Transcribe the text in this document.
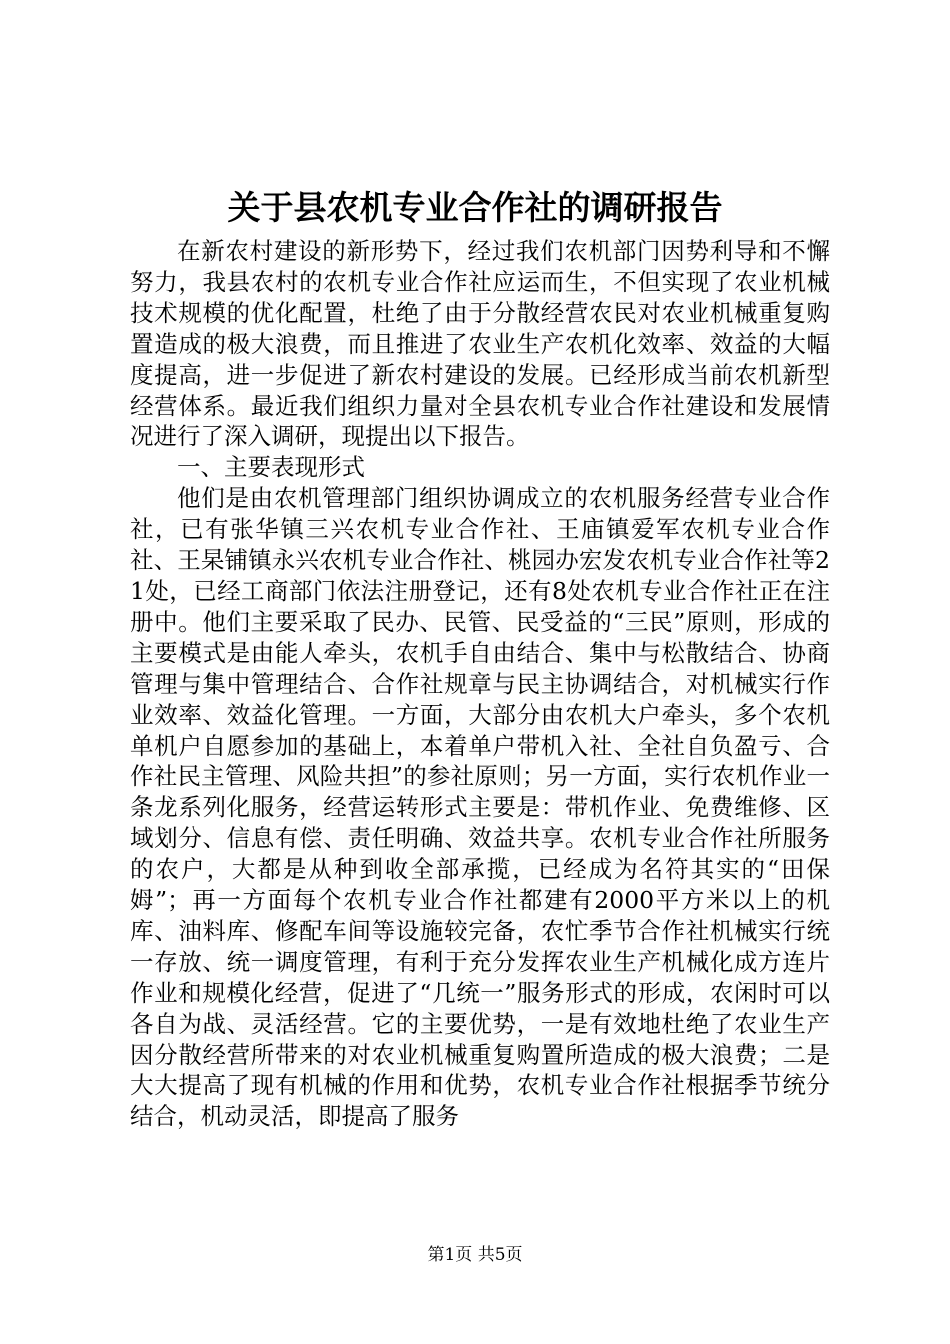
关于县农机专业合作社的调研报告

在新农村建设的新形势下，经过我们农机部门因势利导和不懈努力，我县农村的农机专业合作社应运而生，不但实现了农业机械技术规模的优化配置，杜绝了由于分散经营农民对农业机械重复购置造成的极大浪费，而且推进了农业生产农机化效率、效益的大幅度提高，进一步促进了新农村建设的发展。已经形成当前农机新型经营体系。最近我们组织力量对全县农机专业合作社建设和发展情况进行了深入调研，现提出以下报告。

一、主要表现形式

他们是由农机管理部门组织协调成立的农机服务经营专业合作社，已有张华镇三兴农机专业合作社、王庙镇爱军农机专业合作社、王杲铺镇永兴农机专业合作社、桃园办宏发农机专业合作社等21处，已经工商部门依法注册登记，还有8处农机专业合作社正在注册中。他们主要采取了民办、民管、民受益的“三民”原则，形成的主要模式是由能人牵头，农机手自由结合、集中与松散结合、协商管理与集中管理结合、合作社规章与民主协调结合，对机械实行作业效率、效益化管理。一方面，大部分由农机大户牵头，多个农机单机户自愿参加的基础上，本着单户带机入社、全社自负盈亏、合作社民主管理、风险共担”的参社原则；另一方面，实行农机作业一条龙系列化服务，经营运转形式主要是：带机作业、免费维修、区域划分、信息有偿、责任明确、效益共享。农机专业合作社所服务的农户，大都是从种到收全部承揽，已经成为名符其实的“田保姆”；再一方面每个农机专业合作社都建有2000平方米以上的机库、油料库、修配车间等设施较完备，农忙季节合作社机械实行统一存放、统一调度管理，有利于充分发挥农业生产机械化成方连片作业和规模化经营，促进了“几统一”服务形式的形成，农闲时可以各自为战、灵活经营。它的主要优势，一是有效地杜绝了农业生产因分散经营所带来的对农业机械重复购置所造成的极大浪费；二是大大提高了现有机械的作用和优势，农机专业合作社根据季节统分结合，机动灵活，即提高了服务

第1页 共5页
